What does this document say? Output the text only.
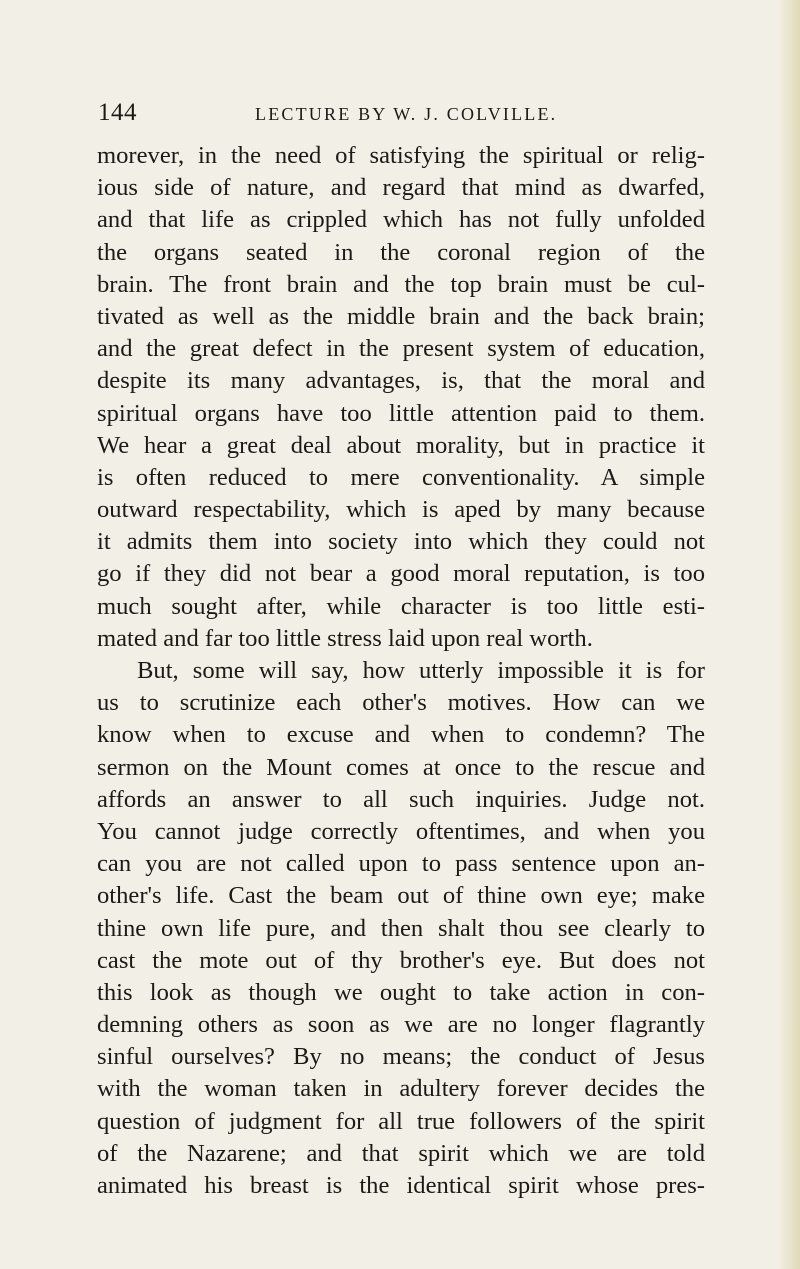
144	LECTURE BY W. J. COLVILLE.
morever, in the need of satisfying the spiritual or relig-
ious side of nature, and regard that mind as dwarfed,
and that life as crippled which has not fully unfolded
the organs seated in the coronal region of the
brain. The front brain and the top brain must be cul-
tivated as well as the middle brain and the back brain;
and the great defect in the present system of education,
despite its many advantages, is, that the moral and
spiritual organs have too little attention paid to them.
We hear a great deal about morality, but in practice it
is often reduced to mere conventionality. A simple
outward respectability, which is aped by many because
it admits them into society into which they could not
go if they did not bear a good moral reputation, is too
much sought after, while character is too little esti-
mated and far too little stress laid upon real worth.
But, some will say, how utterly impossible it is for
us to scrutinize each other's motives. How can we
know when to excuse and when to condemn? The
sermon on the Mount comes at once to the rescue and
affords an answer to all such inquiries. Judge not.
You cannot judge correctly oftentimes, and when you
can you are not called upon to pass sentence upon an-
other's life. Cast the beam out of thine own eye; make
thine own life pure, and then shalt thou see clearly to
cast the mote out of thy brother's eye. But does not
this look as though we ought to take action in con-
demning others as soon as we are no longer flagrantly
sinful ourselves? By no means; the conduct of Jesus
with the woman taken in adultery forever decides the
question of judgment for all true followers of the spirit
of the Nazarene; and that spirit which we are told
animated his breast is the identical spirit whose pres-
